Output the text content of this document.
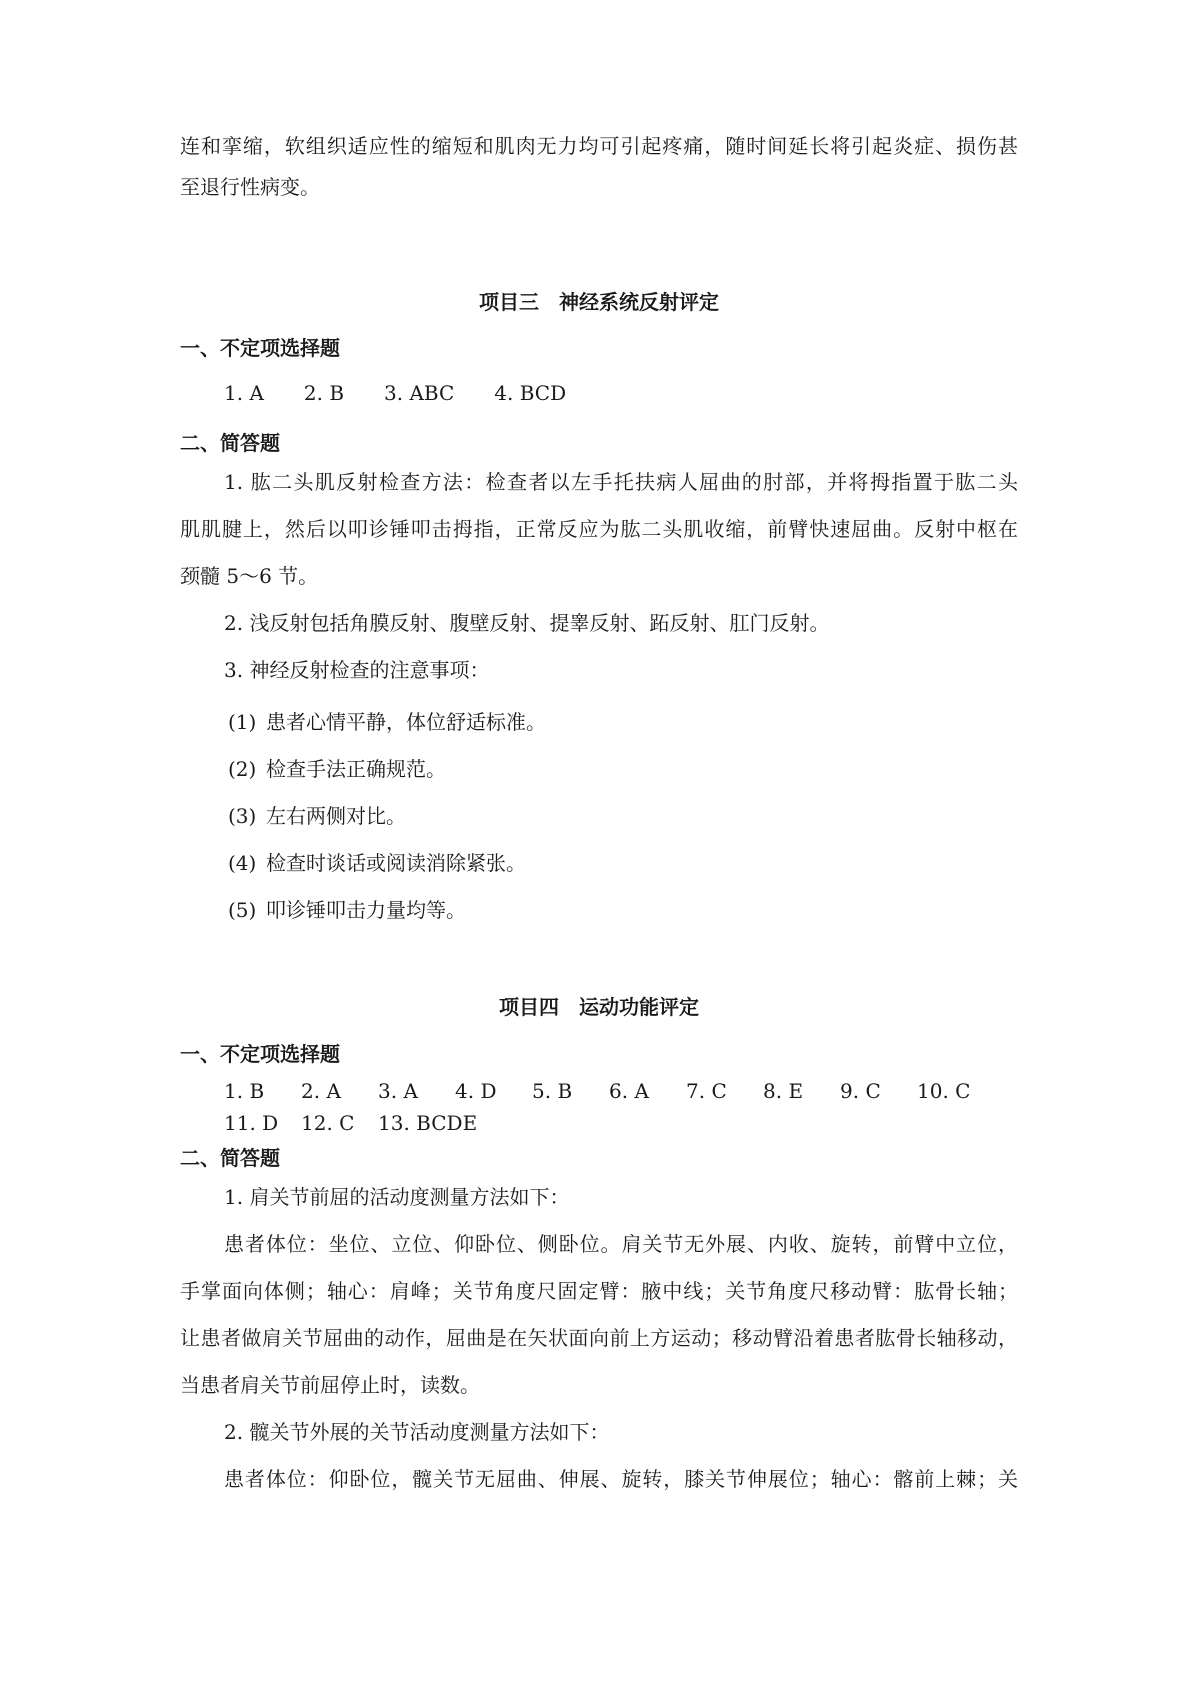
连和挛缩，软组织适应性的缩短和肌肉无力均可引起疼痛，随时间延长将引起炎症、损伤甚

至退行性病变。

项目三　神经系统反射评定
一、不定项选择题
1. A 2. B 3. ABC 4. BCD
二、简答题

1. 肱二头肌反射检查方法：检查者以左手托扶病人屈曲的肘部，并将拇指置于肱二头

肌肌腱上，然后以叩诊锤叩击拇指，正常反应为肱二头肌收缩，前臂快速屈曲。反射中枢在

颈髓 5～6 节。

2. 浅反射包括角膜反射、腹壁反射、提睾反射、跖反射、肛门反射。

3. 神经反射检查的注意事项：

(1) 患者心情平静，体位舒适标准。

(2) 检查手法正确规范。

(3) 左右两侧对比。

(4) 检查时谈话或阅读消除紧张。

(5) 叩诊锤叩击力量均等。

项目四　运动功能评定
一、不定项选择题
1. B	2. A	3. A	4. D	5. B	6. A	7. C	8. E	9. C	10. C
11. D	12. C	13. BCDE
二、简答题

1. 肩关节前屈的活动度测量方法如下：

患者体位：坐位、立位、仰卧位、侧卧位。肩关节无外展、内收、旋转，前臂中立位，

手掌面向体侧；轴心：肩峰；关节角度尺固定臂：腋中线；关节角度尺移动臂：肱骨长轴；

让患者做肩关节屈曲的动作，屈曲是在矢状面向前上方运动；移动臂沿着患者肱骨长轴移动，

当患者肩关节前屈停止时，读数。

2. 髋关节外展的关节活动度测量方法如下：

患者体位：仰卧位，髋关节无屈曲、伸展、旋转，膝关节伸展位；轴心：髂前上棘；关
